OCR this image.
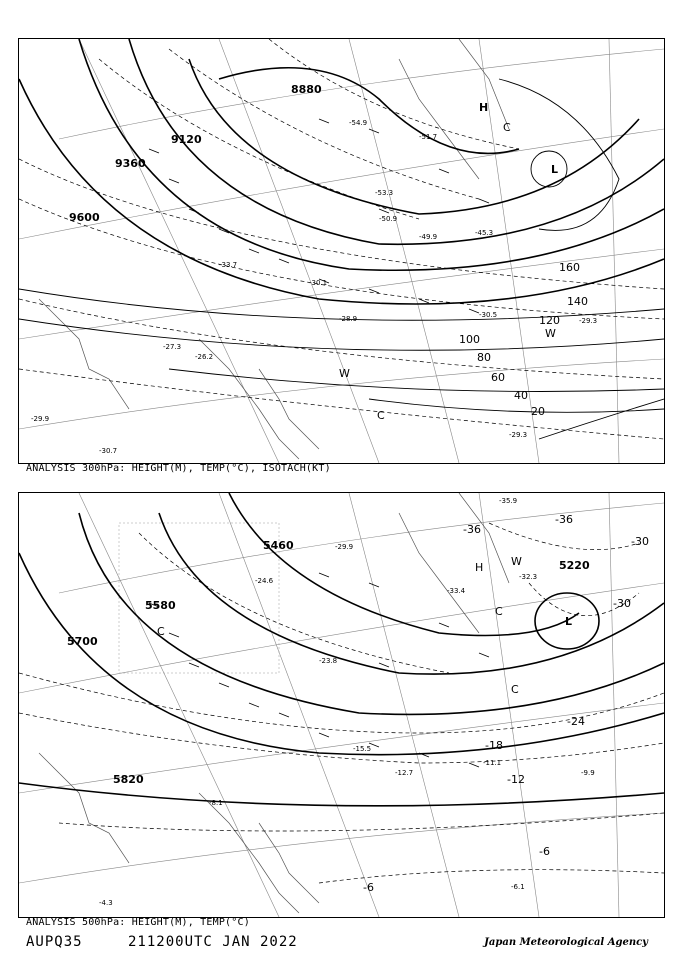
8880
9120
9360
9600
20
40
60
80
100
120
140
160
-29.3
-29.3
-30.5
-26.2
-27.3
-29.9
-30.7
-51.7
-54.9
-53.3
-45.3
-50.9
-49.9
-28.9
-33.7
-30.1
H
L
C
W
W
C
ANALYSIS 300hPa: HEIGHT(M), TEMP(°C), ISOTACH(KT)
5460
5580
5700
5820
5220
-36
-30
-24
-18
-12
-6
-6
-30
-36
-6.1
-4.3
-8.1
-9.9
-12.7
-15.5
-11.1
-24.6
-29.9
-33.4
-35.9
-32.3
-23.8
L
C
C
C
W
H
ANALYSIS 500hPa: HEIGHT(M), TEMP(°C)
AUPQ35	211200UTC JAN 2022	Japan Meteorological Agency
